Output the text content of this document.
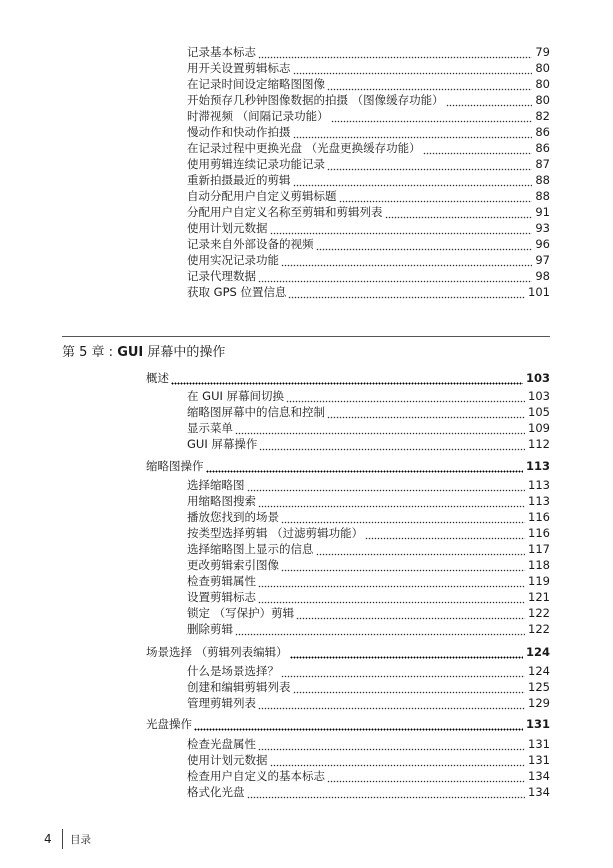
记录基本标志	79
用开关设置剪辑标志	80
在记录时间设定缩略图图像	80
开始预存几秒钟图像数据的拍摄 （图像缓存功能）	80
时滞视频 （间隔记录功能）	82
慢动作和快动作拍摄	86
在记录过程中更换光盘 （光盘更换缓存功能）	86
使用剪辑连续记录功能记录	87
重新拍摄最近的剪辑	88
自动分配用户自定义剪辑标题	88
分配用户自定义名称至剪辑和剪辑列表	91
使用计划元数据	93
记录来自外部设备的视频	96
使用实况记录功能	97
记录代理数据	98
获取 GPS 位置信息	101
第 5 章 : GUI 屏幕中的操作
概述	103
在 GUI 屏幕间切换	103
缩略图屏幕中的信息和控制	105
显示菜单	109
GUI 屏幕操作	112
缩略图操作	113
选择缩略图	113
用缩略图搜索	113
播放您找到的场景	116
按类型选择剪辑 （过滤剪辑功能）	116
选择缩略图上显示的信息	117
更改剪辑索引图像	118
检查剪辑属性	119
设置剪辑标志	121
锁定 （写保护）剪辑	122
删除剪辑	122
场景选择 （剪辑列表编辑）	124
什么是场景选择？	124
创建和编辑剪辑列表	125
管理剪辑列表	129
光盘操作	131
检查光盘属性	131
使用计划元数据	131
检查用户自定义的基本标志	134
格式化光盘	134
4 目录
